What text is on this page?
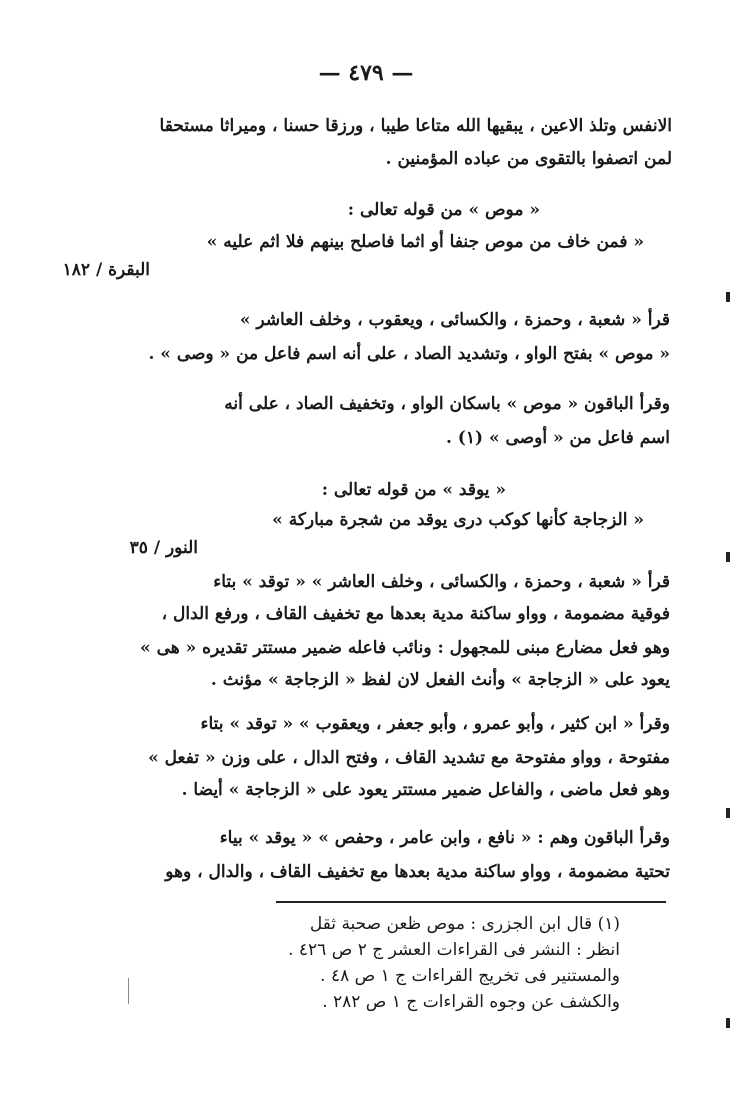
— ٤٧٩ —
الانفس وتلذ الاعين ، يبقيها الله متاعا طيبا ، ورزقا حسنا ، وميراثا مستحقا
لمن اتصفوا بالتقوى من عباده المؤمنين .
« موص » من قوله تعالى :
« فمن خاف من موص جنفا أو اثما فاصلح بينهم فلا اثم عليه »
البقرة / ١٨٢
قرأ « شعبة ، وحمزة ، والكسائى ، ويعقوب ، وخلف العاشر »
« موص » بفتح الواو ، وتشديد الصاد ، على أنه اسم فاعل من « وصى » .
وقرأ الباقون « موص » باسكان الواو ، وتخفيف الصاد ، على أنه
اسم فاعل من « أوصى » (١) .
« يوقد » من قوله تعالى :
« الزجاجة كأنها كوكب درى يوقد من شجرة مباركة »
النور / ٣٥
قرأ « شعبة ، وحمزة ، والكسائى ، وخلف العاشر » « توقد » بتاء
فوقية مضمومة ، وواو ساكنة مدية بعدها مع تخفيف القاف ، ورفع الدال ،
وهو فعل مضارع مبنى للمجهول : ونائب فاعله ضمير مستتر تقديره « هى »
يعود على « الزجاجة » وأنث الفعل لان لفظ « الزجاجة » مؤنث .
وقرأ « ابن كثير ، وأبو عمرو ، وأبو جعفر ، ويعقوب » « توقد » بتاء
مفتوحة ، وواو مفتوحة مع تشديد القاف ، وفتح الدال ، على وزن « تفعل »
وهو فعل ماضى ، والفاعل ضمير مستتر يعود على « الزجاجة » أيضا .
وقرأ الباقون وهم : « نافع ، وابن عامر ، وحفص » « يوقد » بياء
تحتية مضمومة ، وواو ساكنة مدية بعدها مع تخفيف القاف ، والدال ، وهو
(١) قال ابن الجزرى : موص ظعن صحبة ثقل
انظر : النشر فى القراءات العشر ج ٢ ص ٤٢٦ .
والمستنير فى تخريج القراءات ج ١ ص ٤٨ .
والكشف عن وجوه القراءات ج ١ ص ٢٨٢ .
